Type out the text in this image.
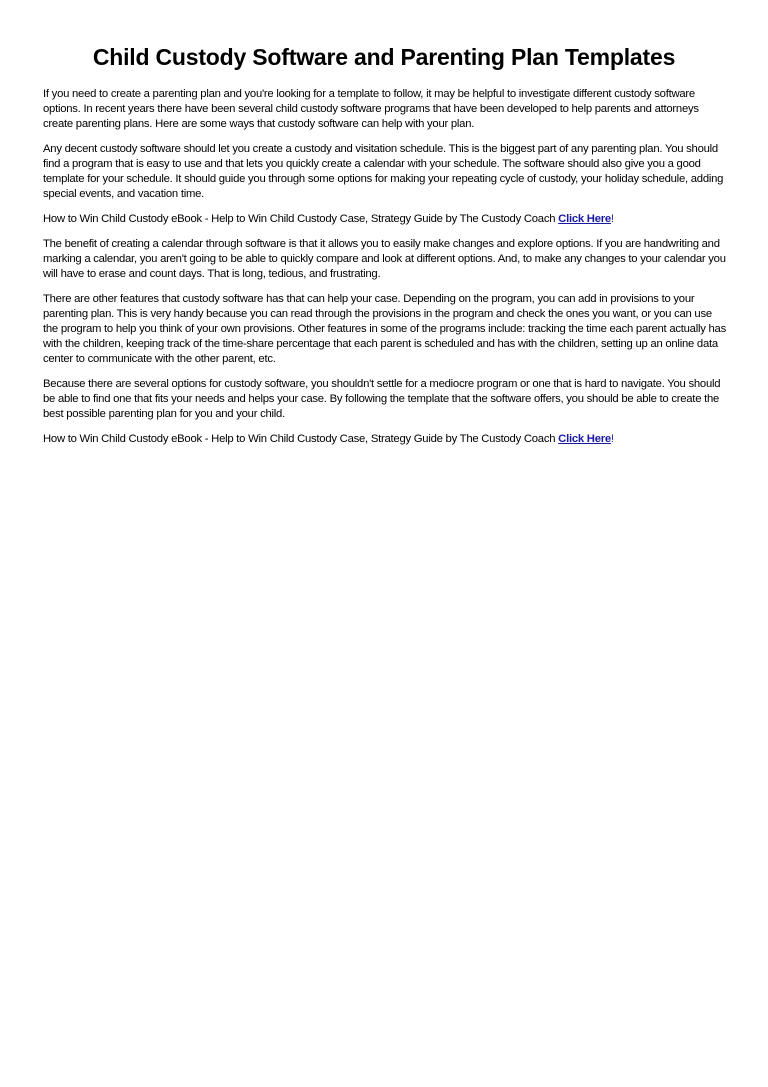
Child Custody Software and Parenting Plan Templates

If you need to create a parenting plan and you're looking for a template to follow, it may be helpful to investigate different custody software options. In recent years there have been several child custody software programs that have been developed to help parents and attorneys create parenting plans. Here are some ways that custody software can help with your plan.

Any decent custody software should let you create a custody and visitation schedule. This is the biggest part of any parenting plan. You should find a program that is easy to use and that lets you quickly create a calendar with your schedule. The software should also give you a good template for your schedule. It should guide you through some options for making your repeating cycle of custody, your holiday schedule, adding special events, and vacation time.

How to Win Child Custody eBook - Help to Win Child Custody Case, Strategy Guide by The Custody Coach Click Here!

The benefit of creating a calendar through software is that it allows you to easily make changes and explore options. If you are handwriting and marking a calendar, you aren't going to be able to quickly compare and look at different options. And, to make any changes to your calendar you will have to erase and count days. That is long, tedious, and frustrating.

There are other features that custody software has that can help your case. Depending on the program, you can add in provisions to your parenting plan. This is very handy because you can read through the provisions in the program and check the ones you want, or you can use the program to help you think of your own provisions. Other features in some of the programs include: tracking the time each parent actually has with the children, keeping track of the time-share percentage that each parent is scheduled and has with the children, setting up an online data center to communicate with the other parent, etc.

Because there are several options for custody software, you shouldn't settle for a mediocre program or one that is hard to navigate. You should be able to find one that fits your needs and helps your case. By following the template that the software offers, you should be able to create the best possible parenting plan for you and your child.

How to Win Child Custody eBook - Help to Win Child Custody Case, Strategy Guide by The Custody Coach Click Here!
